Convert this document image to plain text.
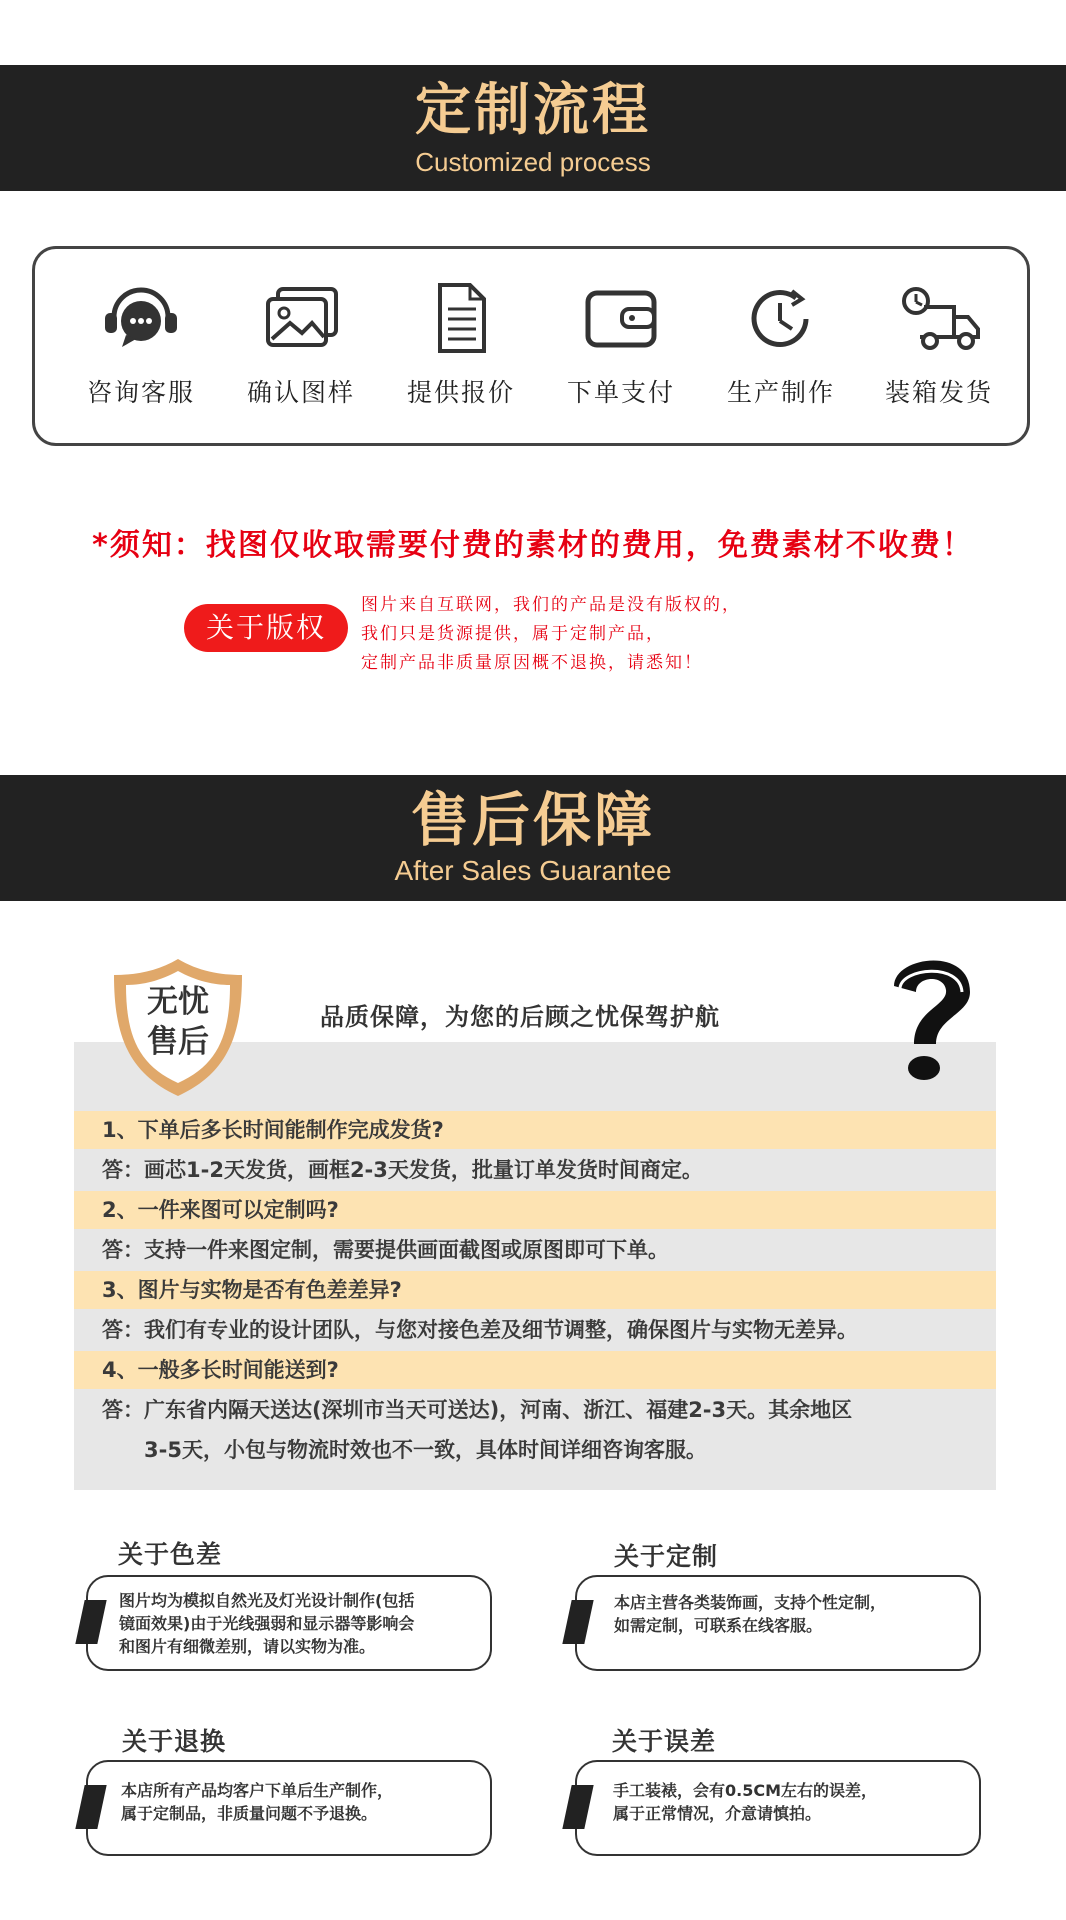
定制流程
Customized process
咨询客服	确认图样	提供报价	下单支付	生产制作	装箱发货
*须知：找图仅收取需要付费的素材的费用，免费素材不收费！
关于版权
图片来自互联网，我们的产品是没有版权的，
我们只是货源提供，属于定制产品，
定制产品非质量原因概不退换，请悉知！
售后保障
After Sales Guarantee
无忧
售后
品质保障，为您的后顾之忧保驾护航
1、下单后多长时间能制作完成发货?
答：画芯1-2天发货，画框2-3天发货，批量订单发货时间商定。
2、一件来图可以定制吗?
答：支持一件来图定制，需要提供画面截图或原图即可下单。
3、图片与实物是否有色差差异?
答：我们有专业的设计团队，与您对接色差及细节调整，确保图片与实物无差异。
4、一般多长时间能送到?
答：广东省内隔天送达(深圳市当天可送达)，河南、浙江、福建2-3天。其余地区
3-5天，小包与物流时效也不一致，具体时间详细咨询客服。
关于色差
图片均为模拟自然光及灯光设计制作(包括
镜面效果)由于光线强弱和显示器等影响会
和图片有细微差别，请以实物为准。
关于定制
本店主营各类装饰画，支持个性定制，
如需定制，可联系在线客服。
关于退换
本店所有产品均客户下单后生产制作，
属于定制品，非质量问题不予退换。
关于误差
手工装裱，会有0.5CM左右的误差，
属于正常情况，介意请慎拍。
